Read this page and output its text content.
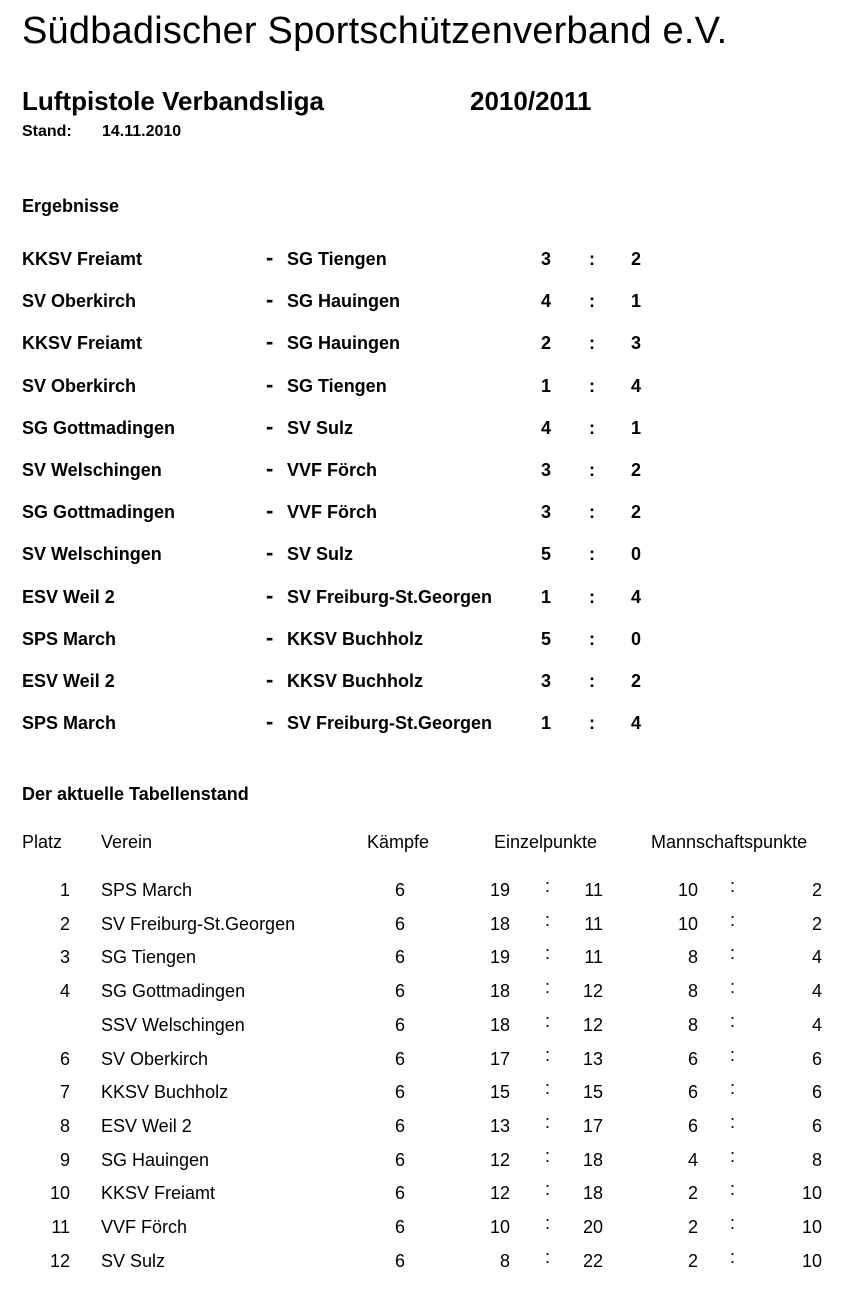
Südbadischer Sportschützenverband e.V.
Luftpistole Verbandsliga	2010/2011
Stand: 14.11.2010
Ergebnisse
KKSV Freiamt	- SG Tiengen	3 : 2
SV Oberkirch	- SG Hauingen	4 : 1
KKSV Freiamt	- SG Hauingen	2 : 3
SV Oberkirch	- SG Tiengen	1 : 4
SG Gottmadingen	- SV Sulz	4 : 1
SV Welschingen	- VVF Förch	3 : 2
SG Gottmadingen	- VVF Förch	3 : 2
SV Welschingen	- SV Sulz	5 : 0
ESV Weil 2	- SV Freiburg-St.Georgen	1 : 4
SPS March	- KKSV Buchholz	5 : 0
ESV Weil 2	- KKSV Buchholz	3 : 2
SPS March	- SV Freiburg-St.Georgen	1 : 4
Der aktuelle Tabellenstand
Platz Verein	Kämpfe	Einzelpunkte	Mannschaftspunkte
1 SPS March	6	19 :	11	10 :	2
2 SV Freiburg-St.Georgen	6	18 :	11	10 :	2
3 SG Tiengen	6	19 :	11	8 :	4
4 SG Gottmadingen	6	18 :	12	8 :	4
SSV Welschingen	6	18 :	12	8 :	4
6 SV Oberkirch	6	17 :	13	6 :	6
7 KKSV Buchholz	6	15 :	15	6 :	6
8 ESV Weil 2	6	13 :	17	6 :	6
9 SG Hauingen	6	12 :	18	4 :	8
10 KKSV Freiamt	6	12 :	18	2 :	10
11 VVF Förch	6	10 :	20	2 :	10
12 SV Sulz	6	8 :	22	2 :	10
